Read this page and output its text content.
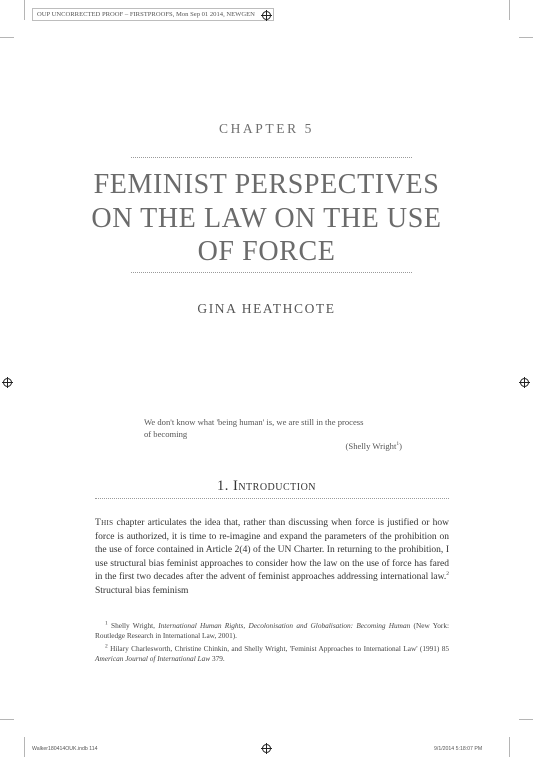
OUP UNCORRECTED PROOF – FIRSTPROOFS, Mon Sep 01 2014, NEWGEN
CHAPTER 5
FEMINIST PERSPECTIVES
ON THE LAW ON THE USE
OF FORCE
GINA HEATHCOTE
We don't know what 'being human' is, we are still in the process
of becoming
(Shelly Wright$^1$)
1. Introduction
This chapter articulates the idea that, rather than discussing when force is justified or how force is authorized, it is time to re-imagine and expand the parameters of the prohibition on the use of force contained in Article 2(4) of the UN Charter. In returning to the prohibition, I use structural bias feminist approaches to consider how the law on the use of force has fared in the first two decades after the advent of feminist approaches addressing international law.$^2$ Structural bias feminism
$^1$ Shelly Wright, International Human Rights, Decolonisation and Globalisation: Becoming Human (New York: Routledge Research in International Law, 2001).
$^2$ Hilary Charlesworth, Christine Chinkin, and Shelly Wright, 'Feminist Approaches to International Law' (1991) 85 American Journal of International Law 379.
Walker180414OUK.indb 114	9/1/2014 5:18:07 PM
